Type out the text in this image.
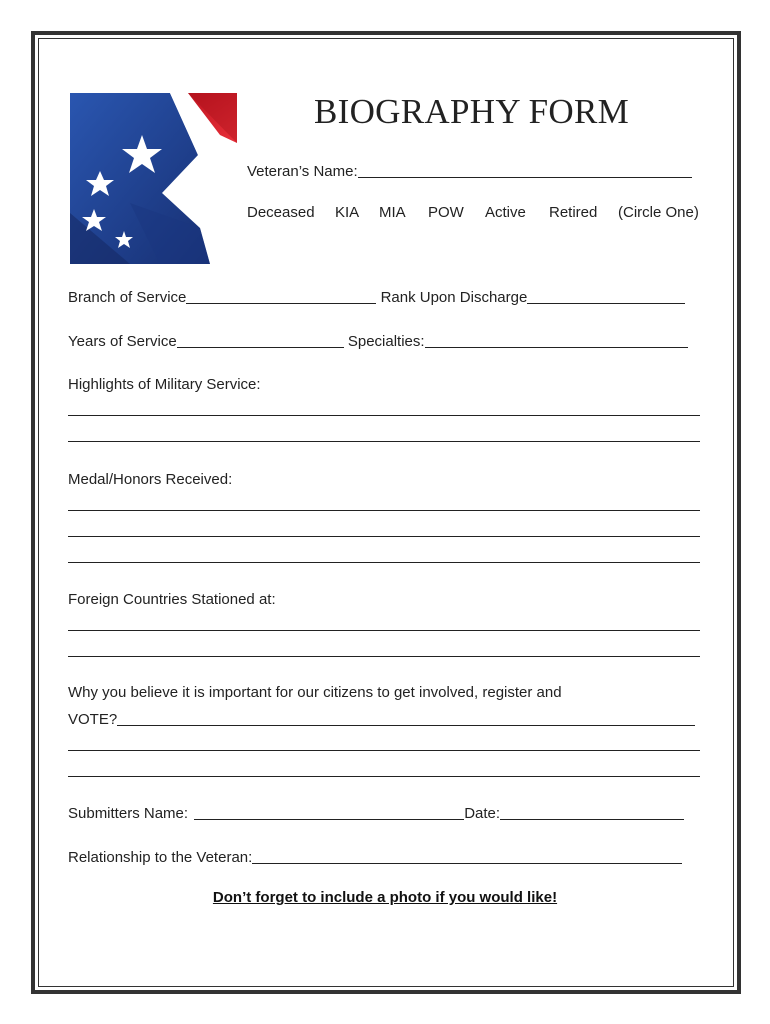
BIOGRAPHY FORM
Veteran’s Name:
Deceased KIA MIA POW Active Retired (Circle One)
Branch of Service	Rank Upon Discharge
Years of Service	Specialties:
Highlights of Military Service:
Medal/Honors Received:
Foreign Countries Stationed at:
Why you believe it is important for our citizens to get involved, register and
VOTE?
Submitters Name:	Date:
Relationship to the Veteran:
Don’t forget to include a photo if you would like!
